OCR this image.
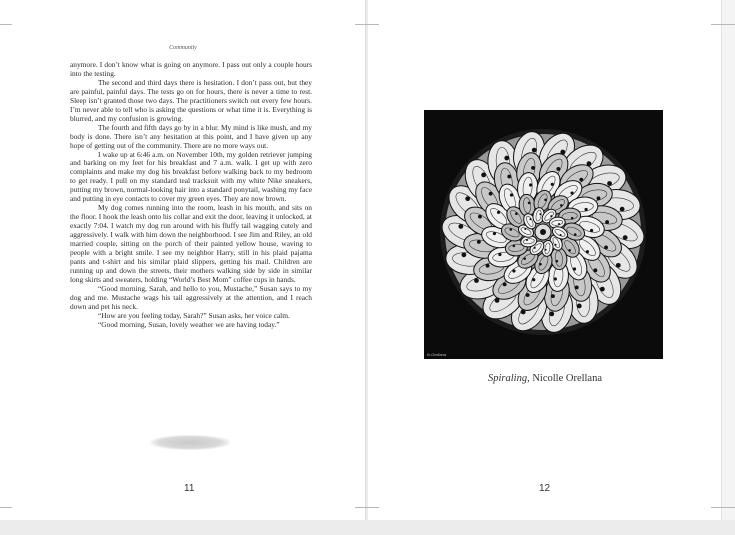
Community

anymore. I don’t know what is going on anymore. I pass out only a couple hours into the testing.

The second and third days there is hesitation. I don’t pass out, but they are painful, painful days. The tests go on for hours, there is never a time to rest. Sleep isn’t granted those two days. The practitioners switch out every few hours. I’m never able to tell who is asking the questions or what time it is. Everything is blurred, and my confusion is growing.

The fourth and fifth days go by in a blur. My mind is like mush, and my body is done. There isn’t any hesitation at this point, and I have given up any hope of getting out of the community. There are no more ways out.

I wake up at 6:46 a.m. on November 10th, my golden retriever jumping and barking on my feet for his breakfast and 7 a.m. walk. I get up with zero complaints and make my dog his breakfast before walking back to my bedroom to get ready. I pull on my standard teal tracksuit with my white Nike sneakers, putting my brown, normal-looking hair into a standard ponytail, washing my face and putting in eye contacts to cover my green eyes. They are now brown.

My dog comes running into the room, leash in his mouth, and sits on the floor. I hook the leash onto his collar and exit the door, leaving it unlocked, at exactly 7:04. I watch my dog run around with his fluffy tail wagging cutely and aggressively. I walk with him down the neighborhood. I see Jim and Riley, an old married couple, sitting on the porch of their painted yellow house, waving to people with a bright smile. I see my neighbor Harry, still in his plaid pajama pants and t-shirt and his similar plaid slippers, getting his mail. Children are running up and down the streets, their mothers walking side by side in similar long skirts and sweaters, holding “World’s Best Mom” coffee cups in hands.

“Good morning, Sarah, and hello to you, Mustache,” Susan says to my dog and me. Mustache wags his tail aggressively at the attention, and I reach down and pet his neck.

“How are you feeling today, Sarah?” Susan asks, her voice calm.

“Good morning, Susan, lovely weather we are having today.”

11	12
N.Orellana
Spiraling, Nicolle Orellana
